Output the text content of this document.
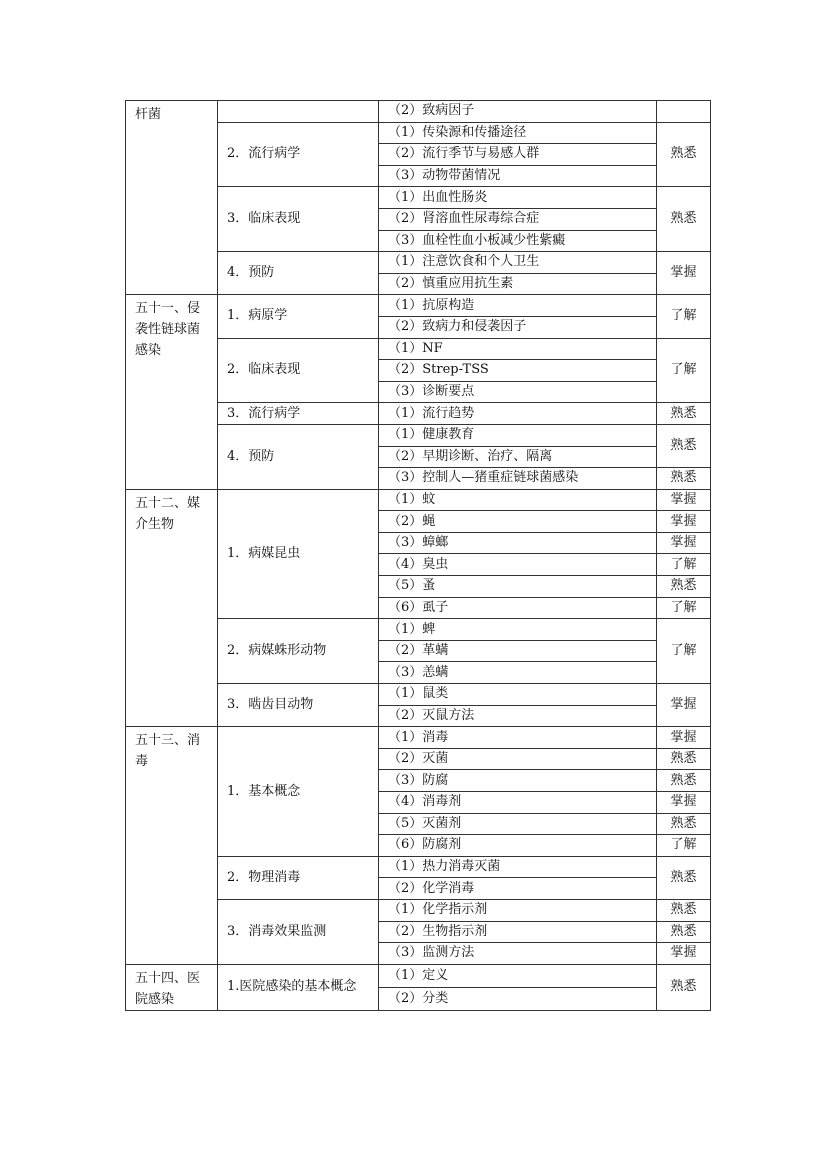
杆菌		（2）致病因子	
	2．流行病学	（1）传染源和传播途径	熟悉
		（2）流行季节与易感人群	
		（3）动物带菌情况	
	3．临床表现	（1）出血性肠炎	熟悉
		（2）肾溶血性尿毒综合症	
		（3）血栓性血小板减少性紫癜	
	4．预防	（1）注意饮食和个人卫生	掌握
		（2）慎重应用抗生素	
五十一、侵袭性链球菌感染	1．病原学	（1）抗原构造	了解
		（2）致病力和侵袭因子	
	2．临床表现	（1）NF	了解
		（2）Strep-TSS	
		（3）诊断要点	
	3．流行病学	（1）流行趋势	熟悉
	4．预防	（1）健康教育	熟悉
		（2）早期诊断、治疗、隔离	
		（3）控制人—猪重症链球菌感染	熟悉
五十二、媒介生物	1．病媒昆虫	（1）蚊	掌握
		（2）蝇	掌握
		（3）蟑螂	掌握
		（4）臭虫	了解
		（5）蚤	熟悉
		（6）虱子	了解
	2．病媒蛛形动物	（1）蜱	了解
		（2）革螨	
		（3）恙螨	
	3．啮齿目动物	（1）鼠类	掌握
		（2）灭鼠方法	
五十三、消毒	1．基本概念	（1）消毒	掌握
		（2）灭菌	熟悉
		（3）防腐	熟悉
		（4）消毒剂	掌握
		（5）灭菌剂	熟悉
		（6）防腐剂	了解
	2．物理消毒	（1）热力消毒灭菌	熟悉
		（2）化学消毒	
	3．消毒效果监测	（1）化学指示剂	熟悉
		（2）生物指示剂	熟悉
		（3）监测方法	掌握
五十四、医院感染	1.医院感染的基本概念	（1）定义	熟悉
		（2）分类	
